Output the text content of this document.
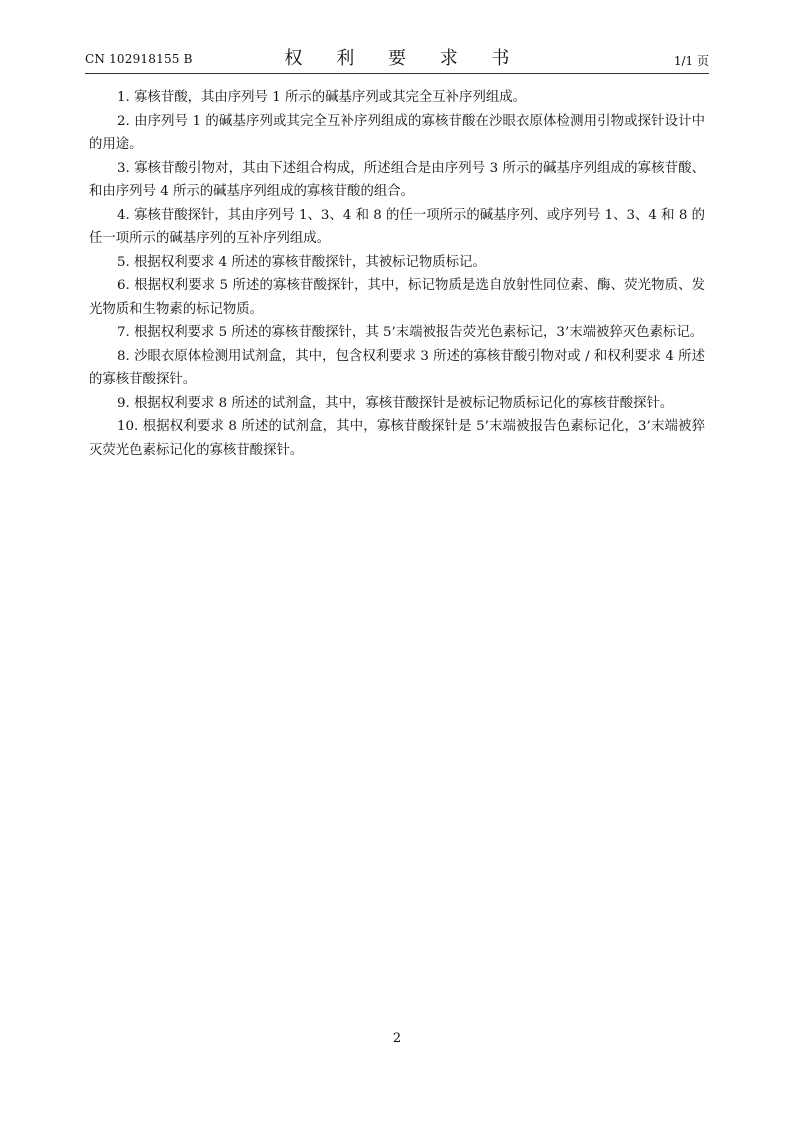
CN 102918155 B	权 利 要 求 书	1/1 页
1. 寡核苷酸，其由序列号 1 所示的碱基序列或其完全互补序列组成。
2. 由序列号 1 的碱基序列或其完全互补序列组成的寡核苷酸在沙眼衣原体检测用引物或探针设计中的用途。
3. 寡核苷酸引物对，其由下述组合构成，所述组合是由序列号 3 所示的碱基序列组成的寡核苷酸、和由序列号 4 所示的碱基序列组成的寡核苷酸的组合。
4. 寡核苷酸探针，其由序列号 1、3、4 和 8 的任一项所示的碱基序列、或序列号 1、3、4 和 8 的任一项所示的碱基序列的互补序列组成。
5. 根据权利要求 4 所述的寡核苷酸探针，其被标记物质标记。
6. 根据权利要求 5 所述的寡核苷酸探针，其中，标记物质是选自放射性同位素、酶、荧光物质、发光物质和生物素的标记物质。
7. 根据权利要求 5 所述的寡核苷酸探针，其 5’末端被报告荧光色素标记，3’末端被猝灭色素标记。
8. 沙眼衣原体检测用试剂盒，其中，包含权利要求 3 所述的寡核苷酸引物对或 / 和权利要求 4 所述的寡核苷酸探针。
9. 根据权利要求 8 所述的试剂盒，其中，寡核苷酸探针是被标记物质标记化的寡核苷酸探针。
10. 根据权利要求 8 所述的试剂盒，其中，寡核苷酸探针是 5’末端被报告色素标记化，3’末端被猝灭荧光色素标记化的寡核苷酸探针。
2
